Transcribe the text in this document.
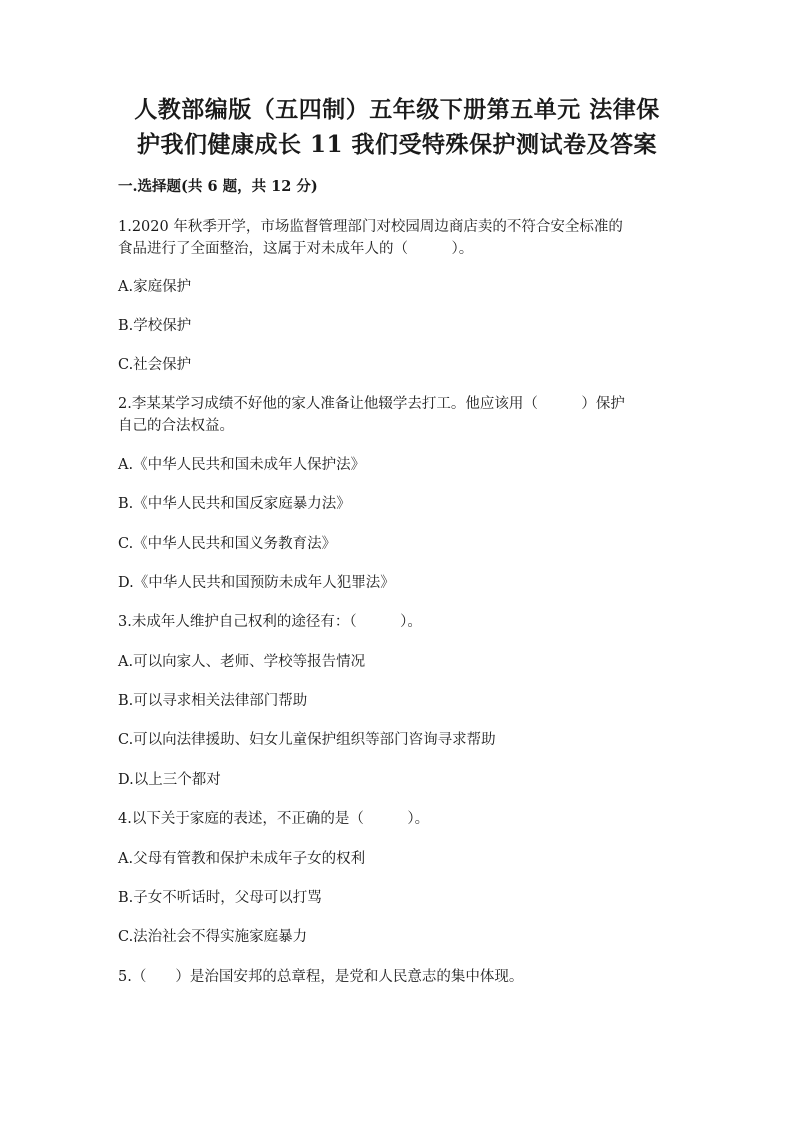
人教部编版（五四制）五年级下册第五单元 法律保
护我们健康成长 11 我们受特殊保护测试卷及答案
一.选择题(共 6 题，共 12 分)
1.2020 年秋季开学，市场监督管理部门对校园周边商店卖的不符合安全标准的
食品进行了全面整治，这属于对未成年人的（　　　）。
A.家庭保护
B.学校保护
C.社会保护
2.李某某学习成绩不好他的家人准备让他辍学去打工。他应该用（　　　）保护
自己的合法权益。
A.《中华人民共和国未成年人保护法》
B.《中华人民共和国反家庭暴力法》
C.《中华人民共和国义务教育法》
D.《中华人民共和国预防未成年人犯罪法》
3.未成年人维护自己权利的途径有：（　　　）。
A.可以向家人、老师、学校等报告情况
B.可以寻求相关法律部门帮助
C.可以向法律援助、妇女儿童保护组织等部门咨询寻求帮助
D.以上三个都对
4.以下关于家庭的表述，不正确的是（　　　）。
A.父母有管教和保护未成年子女的权利
B.子女不听话时，父母可以打骂
C.法治社会不得实施家庭暴力
5.（　　）是治国安邦的总章程，是党和人民意志的集中体现。
